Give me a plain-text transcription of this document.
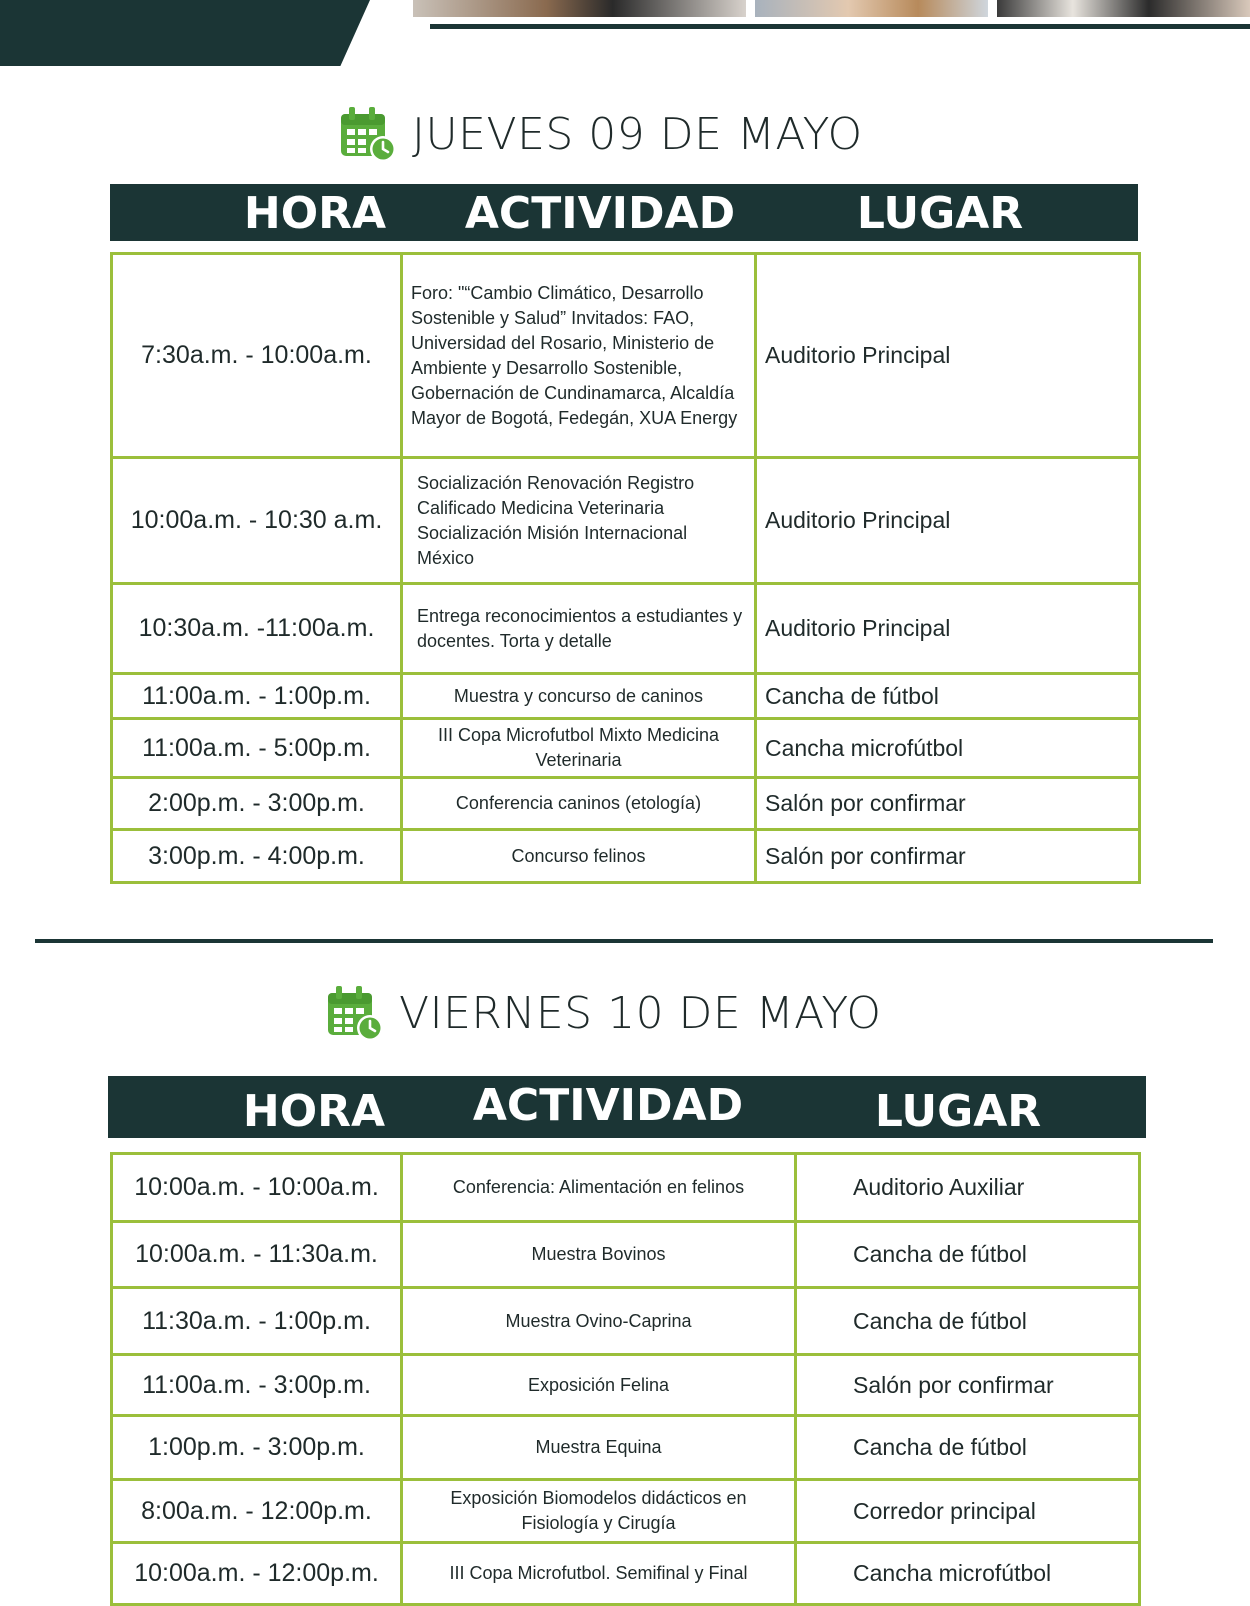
JUEVES 09 DE MAYO
HORA	ACTIVIDAD	LUGAR
7:30a.m. - 10:00a.m.	Foro: "“Cambio Climático, Desarrollo Sostenible y Salud” Invitados: FAO, Universidad del Rosario, Ministerio de Ambiente y Desarrollo Sostenible, Gobernación de Cundinamarca, Alcaldía Mayor de Bogotá, Fedegán, XUA Energy	Auditorio Principal
10:00a.m. - 10:30 a.m.	Socialización Renovación Registro Calificado Medicina Veterinaria Socialización Misión Internacional México	Auditorio Principal
10:30a.m. -11:00a.m.	Entrega reconocimientos a estudiantes y docentes. Torta y detalle	Auditorio Principal
11:00a.m. - 1:00p.m.	Muestra y concurso de caninos	Cancha de fútbol
11:00a.m. - 5:00p.m.	III Copa Microfutbol Mixto Medicina Veterinaria	Cancha microfútbol
2:00p.m. - 3:00p.m.	Conferencia caninos (etología)	Salón por confirmar
3:00p.m. - 4:00p.m.	Concurso felinos	Salón por confirmar
VIERNES 10 DE MAYO
HORA	ACTIVIDAD	LUGAR
10:00a.m. - 10:00a.m.	Conferencia: Alimentación en felinos	Auditorio Auxiliar
10:00a.m. - 11:30a.m.	Muestra Bovinos	Cancha de fútbol
11:30a.m. - 1:00p.m.	Muestra Ovino-Caprina	Cancha de fútbol
11:00a.m. - 3:00p.m.	Exposición Felina	Salón por confirmar
1:00p.m. - 3:00p.m.	Muestra Equina	Cancha de fútbol
8:00a.m. - 12:00p.m.	Exposición Biomodelos didácticos en Fisiología y Cirugía	Corredor principal
10:00a.m. - 12:00p.m.	III Copa Microfutbol. Semifinal y Final	Cancha microfútbol
